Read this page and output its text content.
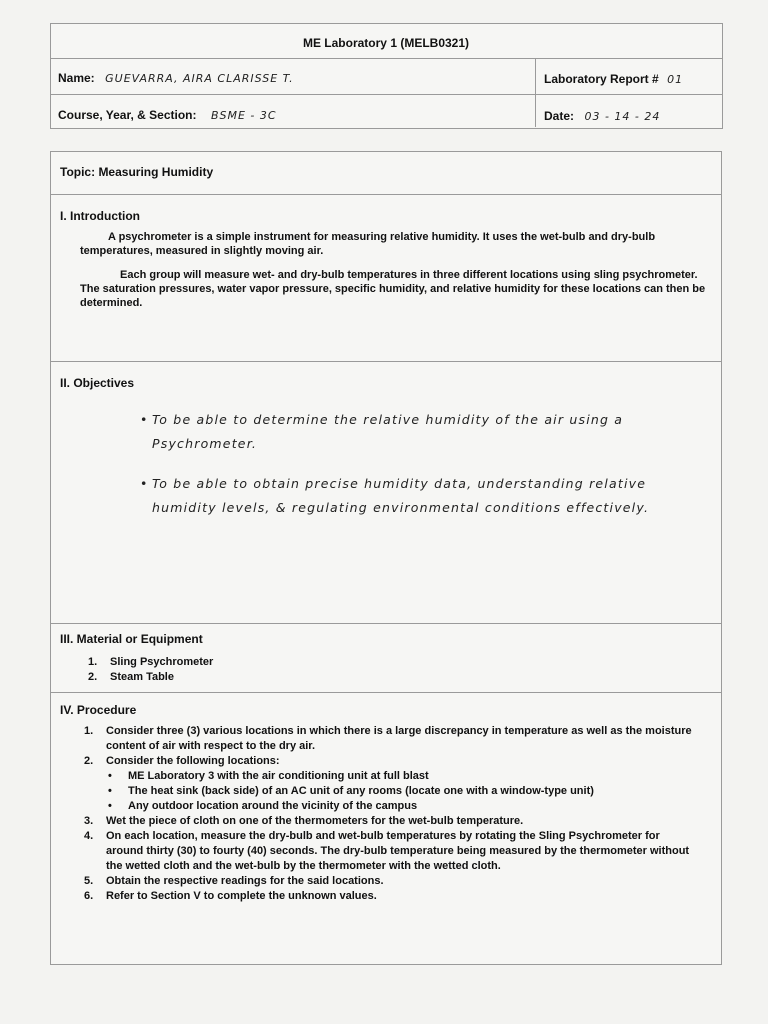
ME Laboratory 1 (MELB0321)
Name: GUEVARRA, AIRA CLARISSE T.	Laboratory Report # 01
Course, Year, & Section: BSME - 3C	Date: 03 - 14 - 24
Topic: Measuring Humidity
I. Introduction
A psychrometer is a simple instrument for measuring relative humidity. It uses the wet-bulb and dry-bulb temperatures, measured in slightly moving air.
Each group will measure wet- and dry-bulb temperatures in three different locations using sling psychrometer. The saturation pressures, water vapor pressure, specific humidity, and relative humidity for these locations can then be determined.
II. Objectives
• To be able to determine the relative humidity of the air using a Psychrometer.
• To be able to obtain precise humidity data, understanding relative humidity levels, & regulating environmental conditions effectively.
III. Material or Equipment
1. Sling Psychrometer
2. Steam Table
IV. Procedure
1. Consider three (3) various locations in which there is a large discrepancy in temperature as well as the moisture content of air with respect to the dry air.
2. Consider the following locations:
• ME Laboratory 3 with the air conditioning unit at full blast
• The heat sink (back side) of an AC unit of any rooms (locate one with a window-type unit)
• Any outdoor location around the vicinity of the campus
3. Wet the piece of cloth on one of the thermometers for the wet-bulb temperature.
4. On each location, measure the dry-bulb and wet-bulb temperatures by rotating the Sling Psychrometer for around thirty (30) to fourty (40) seconds. The dry-bulb temperature being measured by the thermometer without the wetted cloth and the wet-bulb by the thermometer with the wetted cloth.
5. Obtain the respective readings for the said locations.
6. Refer to Section V to complete the unknown values.
